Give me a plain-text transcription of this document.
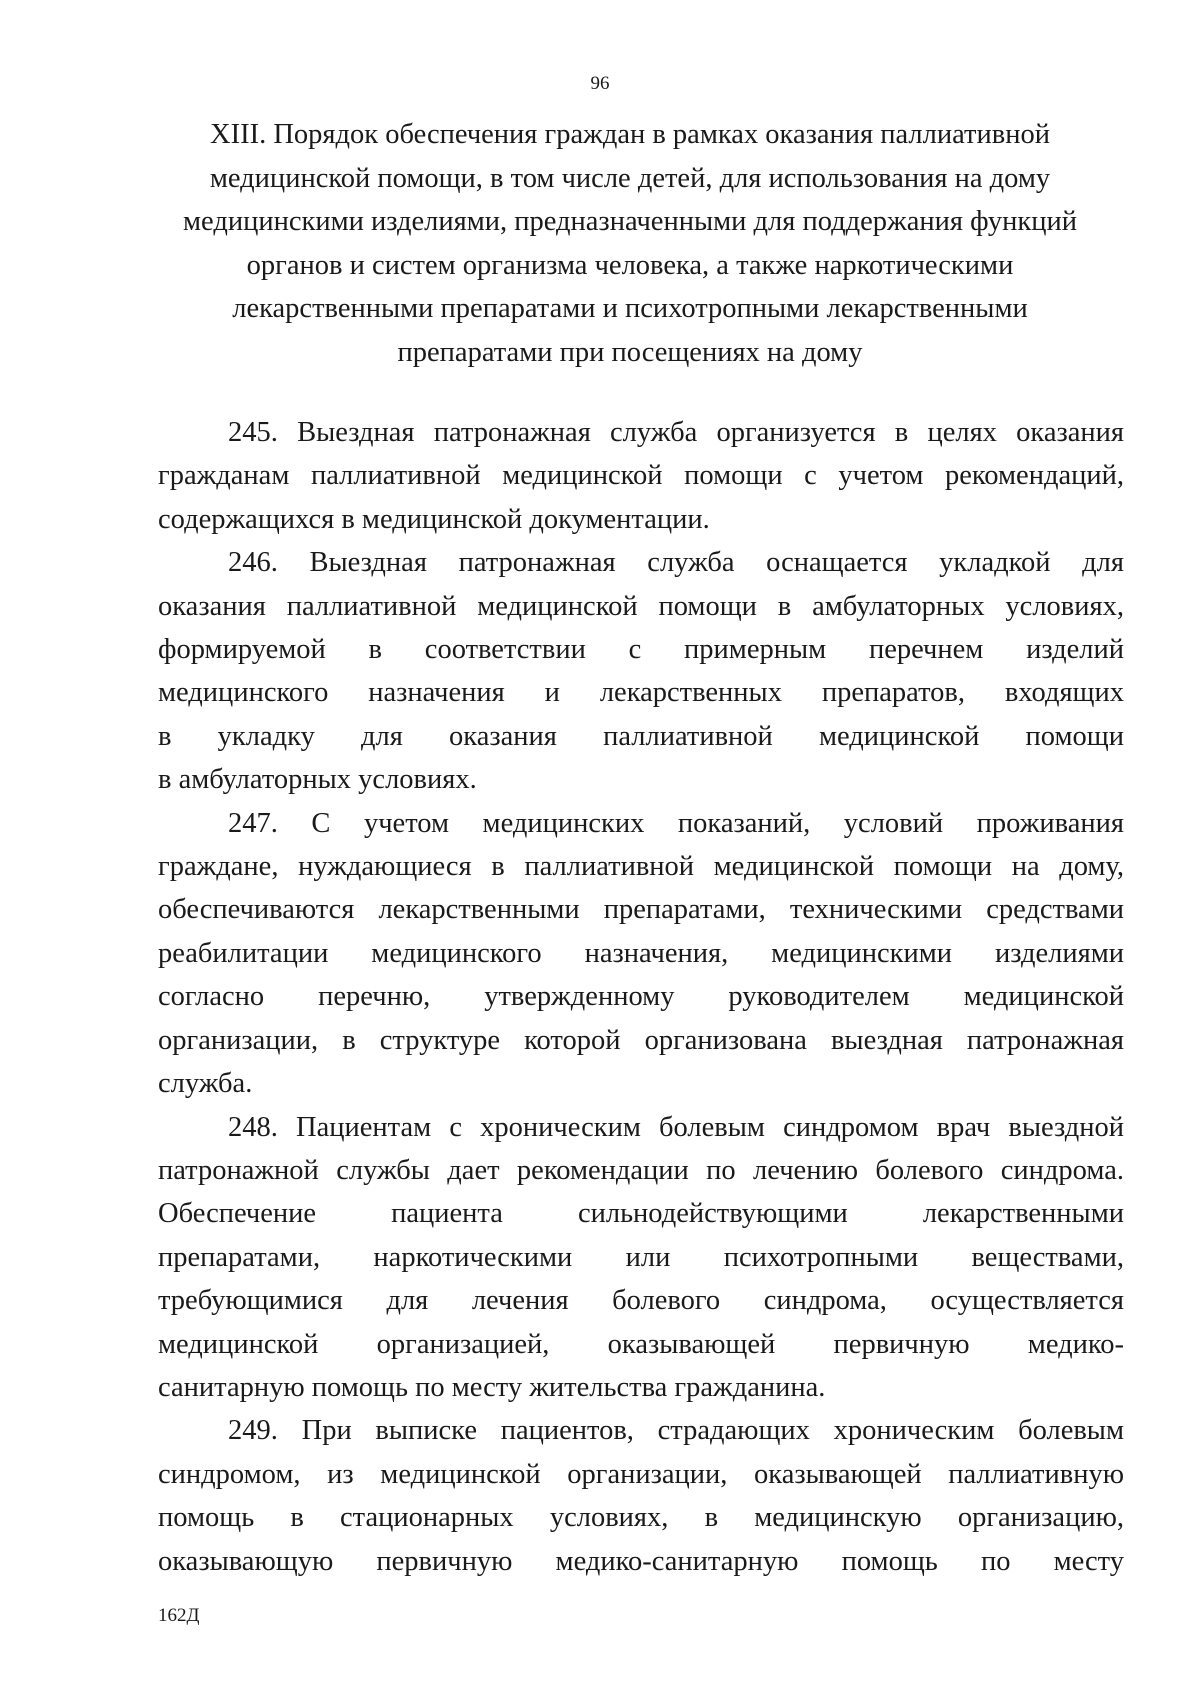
96
XIII. Порядок обеспечения граждан в рамках оказания паллиативной
медицинской помощи, в том числе детей, для использования на дому
медицинскими изделиями, предназначенными для поддержания функций
органов и систем организма человека, а также наркотическими
лекарственными препаратами и психотропными лекарственными
препаратами при посещениях на дому
245. Выездная патронажная служба организуется в целях оказания
гражданам паллиативной медицинской помощи с учетом рекомендаций,
содержащихся в медицинской документации.
246. Выездная патронажная служба оснащается укладкой для
оказания паллиативной медицинской помощи в амбулаторных условиях,
формируемой в соответствии с примерным перечнем изделий
медицинского назначения и лекарственных препаратов, входящих
в укладку для оказания паллиативной медицинской помощи
в амбулаторных условиях.
247. С учетом медицинских показаний, условий проживания
граждане, нуждающиеся в паллиативной медицинской помощи на дому,
обеспечиваются лекарственными препаратами, техническими средствами
реабилитации медицинского назначения, медицинскими изделиями
согласно перечню, утвержденному руководителем медицинской
организации, в структуре которой организована выездная патронажная
служба.
248. Пациентам с хроническим болевым синдромом врач выездной
патронажной службы дает рекомендации по лечению болевого синдрома.
Обеспечение пациента сильнодействующими лекарственными
препаратами, наркотическими или психотропными веществами,
требующимися для лечения болевого синдрома, осуществляется
медицинской организацией, оказывающей первичную медико-
санитарную помощь по месту жительства гражданина.
249. При выписке пациентов, страдающих хроническим болевым
синдромом, из медицинской организации, оказывающей паллиативную
помощь в стационарных условиях, в медицинскую организацию,
оказывающую первичную медико-санитарную помощь по месту
162Д
